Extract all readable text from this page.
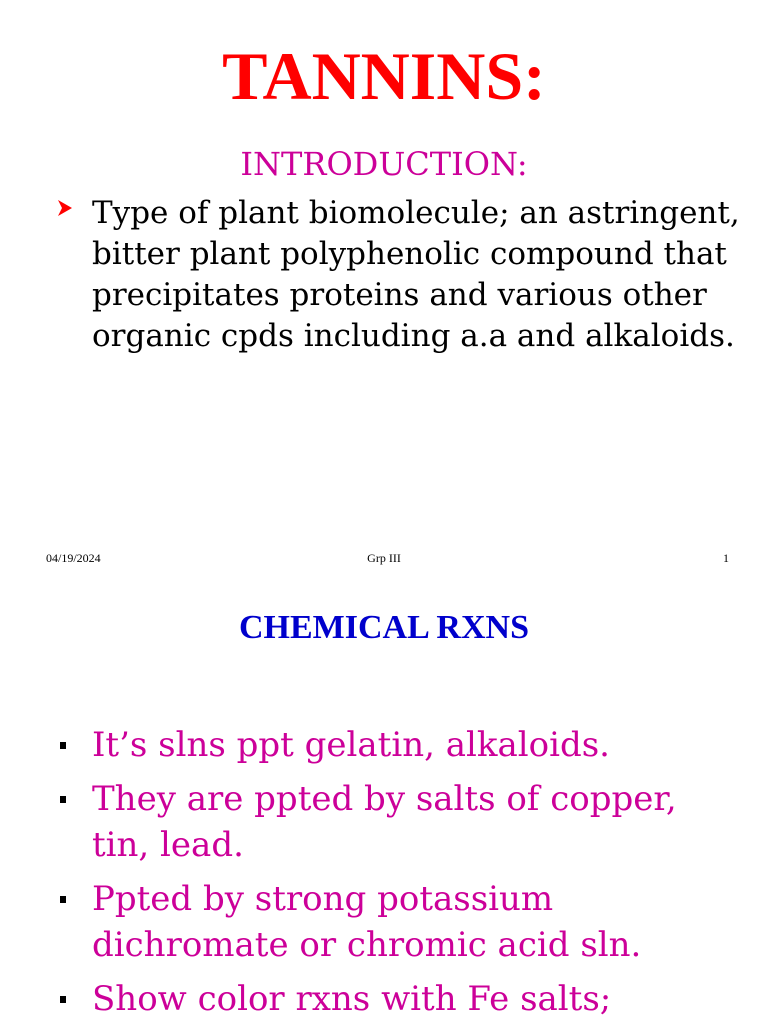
TANNINS:
INTRODUCTION:

Type of plant biomolecule; an astringent, bitter plant polyphenolic compound that precipitates proteins and various other organic cpds including a.a and alkaloids.

04/19/2024	Grp III	1
CHEMICAL RXNS
It’s slns ppt gelatin, alkaloids.
They are ppted by salts of copper, tin, lead.
Ppted by strong potassium dichromate or chromic acid sln.
Show color rxns with Fe salts;
